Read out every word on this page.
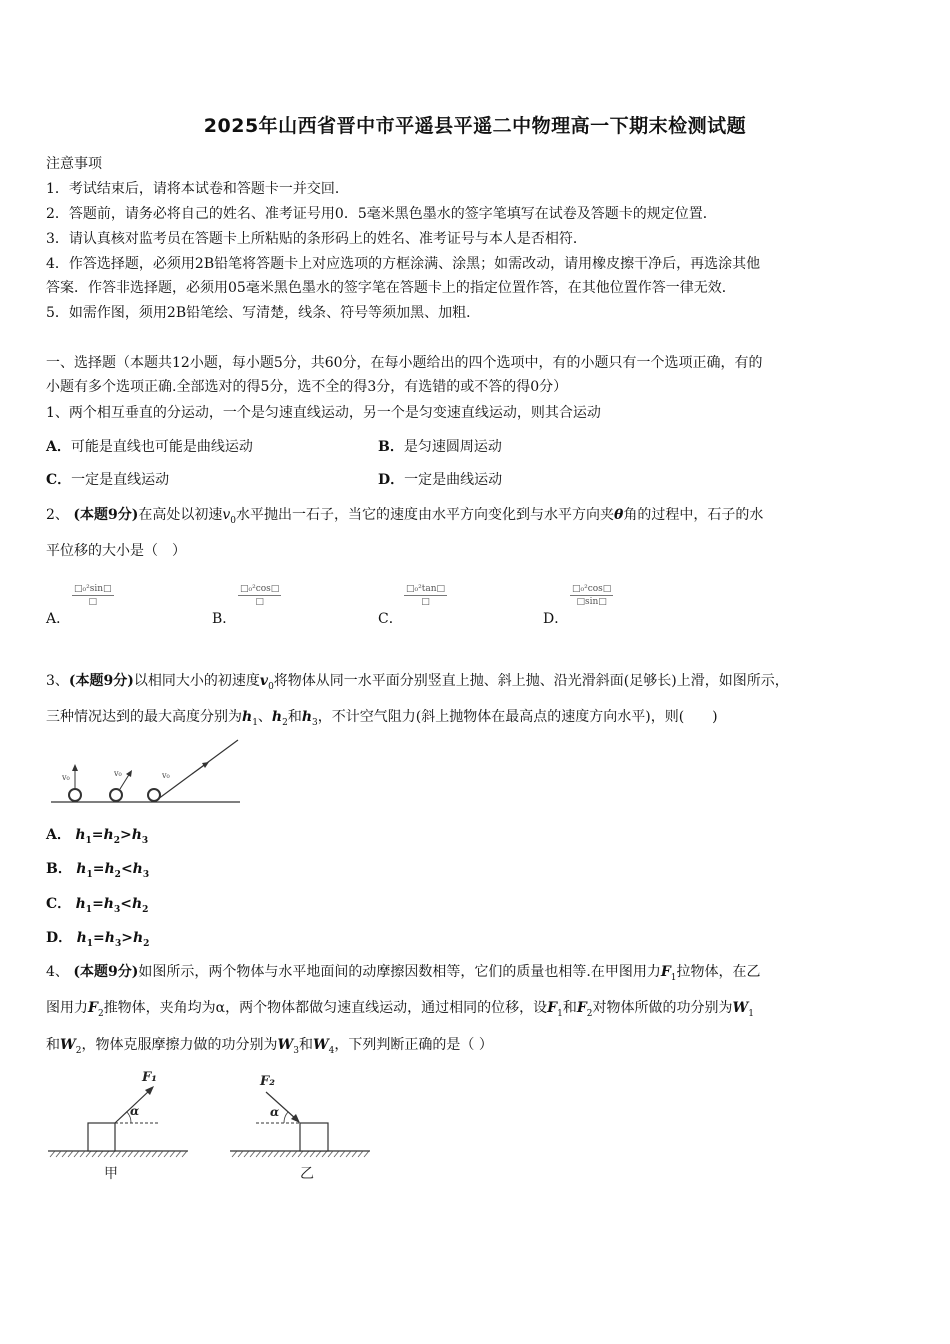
2025年山西省晋中市平遥县平遥二中物理高一下期末检测试题
注意事项
1．考试结束后，请将本试卷和答题卡一并交回．
2．答题前，请务必将自己的姓名、准考证号用0．5毫米黑色墨水的签字笔填写在试卷及答题卡的规定位置．
3．请认真核对监考员在答题卡上所粘贴的条形码上的姓名、准考证号与本人是否相符．
4．作答选择题，必须用2B铅笔将答题卡上对应选项的方框涂满、涂黑；如需改动，请用橡皮擦干净后，再选涂其他
答案．作答非选择题，必须用05毫米黑色墨水的签字笔在答题卡上的指定位置作答，在其他位置作答一律无效．
5．如需作图，须用2B铅笔绘、写清楚，线条、符号等须加黑、加粗．
一、选择题（本题共12小题，每小题5分，共60分，在每小题给出的四个选项中，有的小题只有一个选项正确，有的
小题有多个选项正确.全部选对的得5分，选不全的得3分，有选错的或不答的得0分）
1、两个相互垂直的分运动，一个是匀速直线运动，另一个是匀变速直线运动，则其合运动
A．可能是直线也可能是曲线运动	B．是匀速圆周运动
C．一定是直线运动	D．一定是曲线运动
2、 (本题9分)在高处以初速$v_0$水平抛出一石子，当它的速度由水平方向变化到与水平方向夹θ角的过程中，石子的水
平位移的大小是（　）
A．
□₀²sin□
□
B．
□₀²cos□
□
C．
□₀²tan□
□
D．
$\frac{\text{□₀²cos□}}{□\sin□}$
3、(本题9分)以相同大小的初速度$v_0$将物体从同一水平面分别竖直上抛、斜上抛、沿光滑斜面(足够长)上滑，如图所示，
三种情况达到的最大高度分别为$h_1$、$h_2$和$h_3$，不计空气阻力(斜上抛物体在最高点的速度方向水平)，则(　　)
v₀	v₀	v₀
A． $h_1=h_2>h_3$
B． $h_1=h_2<h_3$
C． $h_1=h_3<h_2$
D． $h_1=h_3>h_2$
4、 (本题9分)如图所示，两个物体与水平地面间的动摩擦因数相等，它们的质量也相等.在甲图用力$F_1$拉物体，在乙
图用力$F_2$推物体，夹角均为α，两个物体都做匀速直线运动，通过相同的位移，设$F_1$和$F_2$对物体所做的功分别为$W_1$
和$W_2$，物体克服摩擦力做的功分别为$W_3$和$W_4$，下列判断正确的是（ ）
α
F₁
甲
α
F₂
乙
